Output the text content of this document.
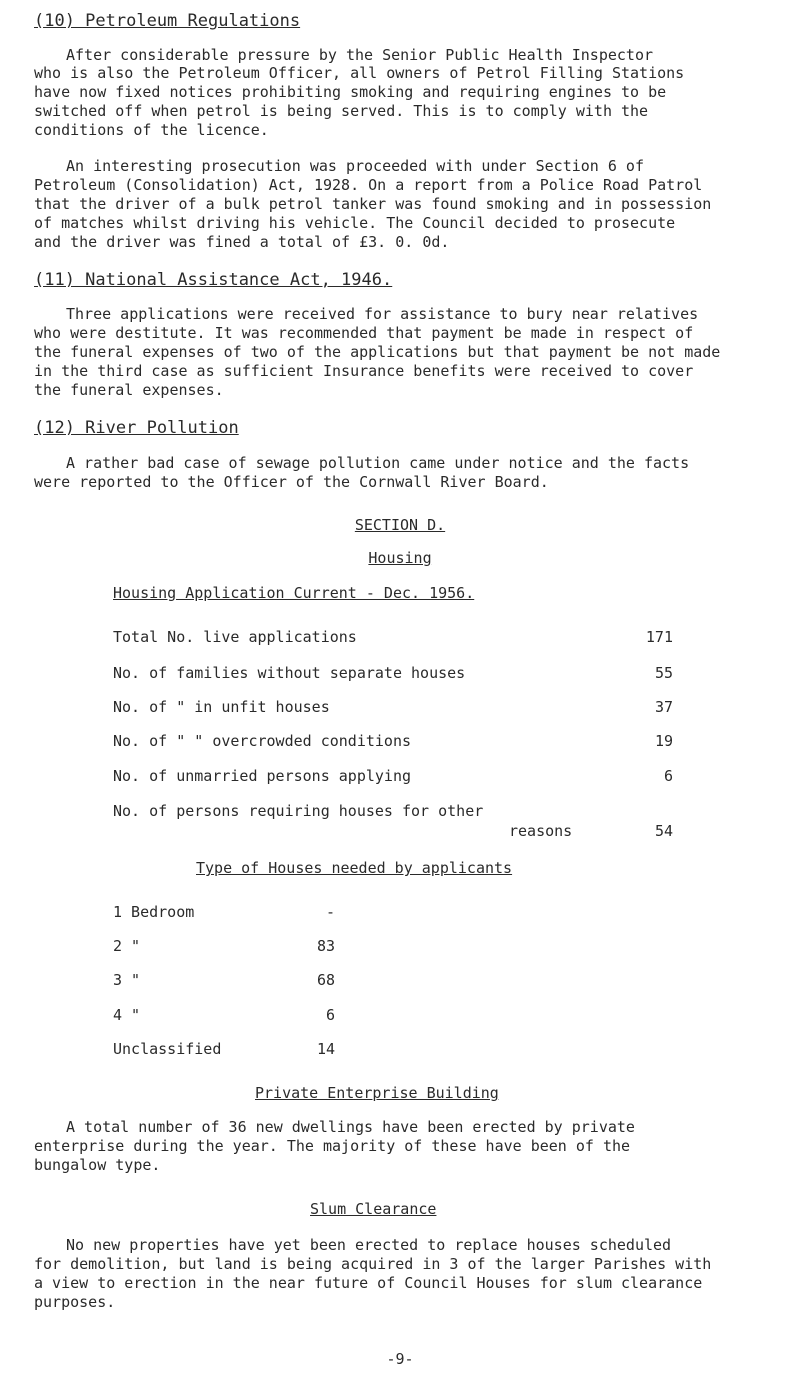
(10) Petroleum Regulations

After considerable pressure by the Senior Public Health Inspector

who is also the Petroleum Officer, all owners of Petrol Filling Stations

have now fixed notices prohibiting smoking and requiring engines to be

switched off when petrol is being served. This is to comply with the

conditions of the licence.

An interesting prosecution was proceeded with under Section 6 of

Petroleum (Consolidation) Act, 1928. On a report from a Police Road Patrol

that the driver of a bulk petrol tanker was found smoking and in possession

of matches whilst driving his vehicle. The Council decided to prosecute

and the driver was fined a total of £3. 0. 0d.

(11) National Assistance Act, 1946.

Three applications were received for assistance to bury near relatives

who were destitute. It was recommended that payment be made in respect of

the funeral expenses of two of the applications but that payment be not made

in the third case as sufficient Insurance benefits were received to cover

the funeral expenses.

(12) River Pollution

A rather bad case of sewage pollution came under notice and the facts

were reported to the Officer of the Cornwall River Board.

SECTION D.
Housing
Housing Application Current - Dec. 1956.
Total No. live applications	171
No. of families without separate houses	55
No. of " in unfit houses	37
No. of " " overcrowded conditions	19
No. of unmarried persons applying	6
No. of persons requiring houses for other
reasons	54
Type of Houses needed by applicants
1 Bedroom	-
2 "	83
3 "	68
4 "	6
Unclassified	14
Private Enterprise Building

A total number of 36 new dwellings have been erected by private

enterprise during the year. The majority of these have been of the

bungalow type.

Slum Clearance

No new properties have yet been erected to replace houses scheduled

for demolition, but land is being acquired in 3 of the larger Parishes with

a view to erection in the near future of Council Houses for slum clearance

purposes.

-9-
